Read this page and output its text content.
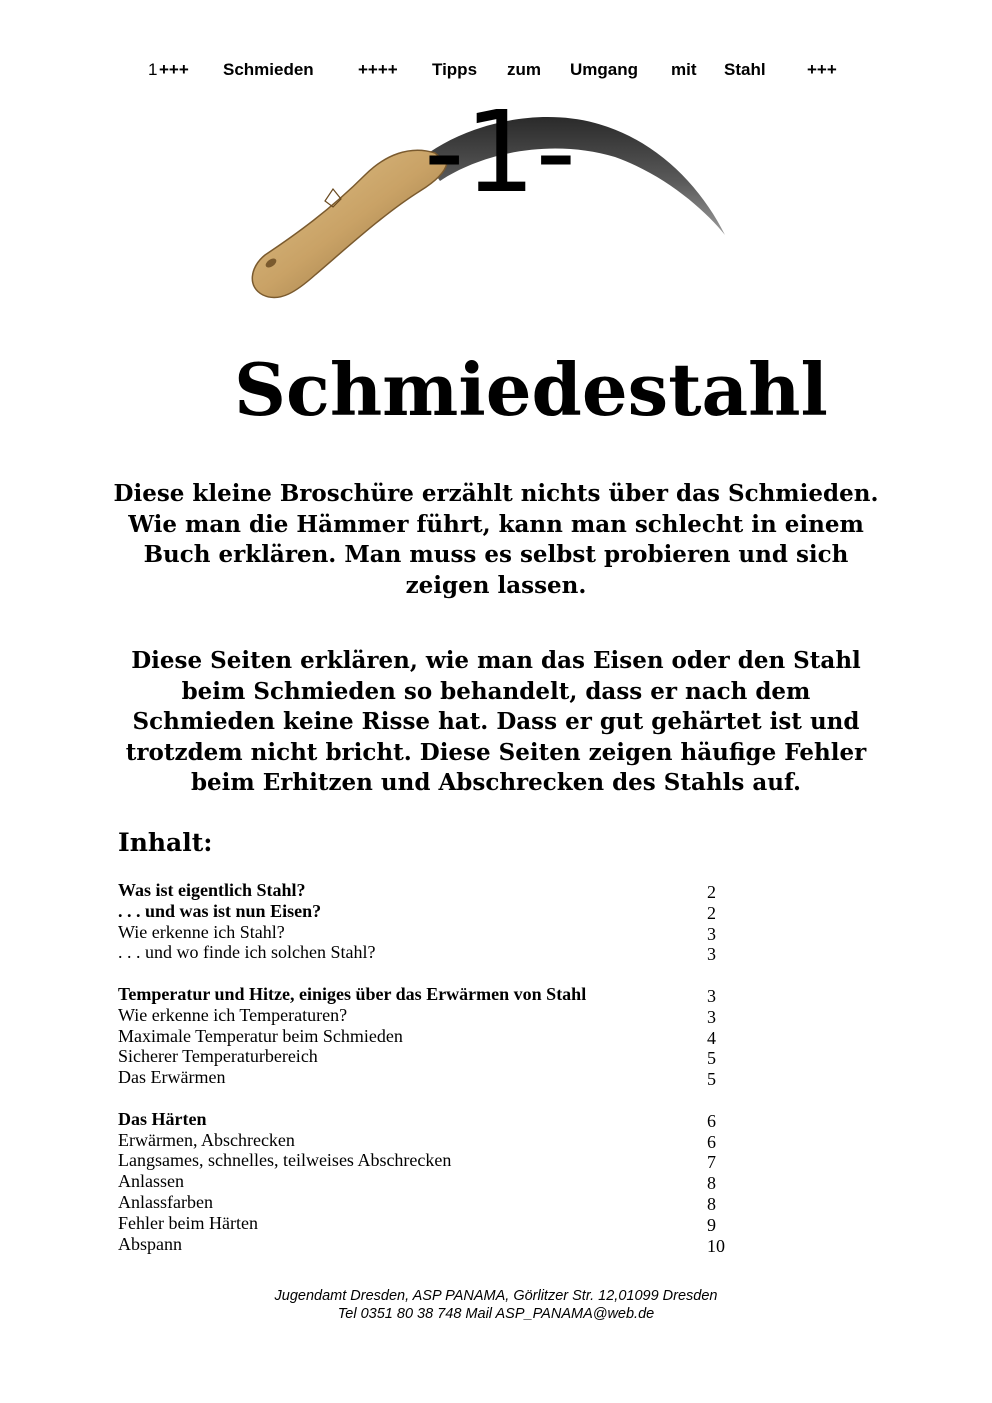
1 +++ Schmieden	++++ Tipps zum Umgang mit Stahl +++
-1-
Schmiedestahl
Diese kleine Broschüre erzählt nichts über das Schmieden. Wie man die Hämmer führt, kann man schlecht in einem Buch erklären. Man muss es selbst probieren und sich zeigen lassen.
Diese Seiten erklären, wie man das Eisen oder den Stahl beim Schmieden so behandelt, dass er nach dem Schmieden keine Risse hat. Dass er gut gehärtet ist und trotzdem nicht bricht. Diese Seiten zeigen häufige Fehler beim Erhitzen und Abschrecken des Stahls auf.
Inhalt:
Was ist eigentlich Stahl?	2
. . . und was ist nun Eisen?	2
Wie erkenne ich Stahl?	3
. . . und wo finde ich solchen Stahl?	3
Temperatur und Hitze, einiges über das Erwärmen von Stahl	3
Wie erkenne ich Temperaturen?	3
Maximale Temperatur beim Schmieden	4
Sicherer Temperaturbereich	5
Das Erwärmen	5
Das Härten	6
Erwärmen, Abschrecken	6
Langsames, schnelles, teilweises Abschrecken	7
Anlassen	8
Anlassfarben	8
Fehler beim Härten	9
Abspann	10
Jugendamt Dresden, ASP PANAMA, Görlitzer Str. 12,01099 Dresden
Tel 0351 80 38 748 Mail ASP_PANAMA@web.de
